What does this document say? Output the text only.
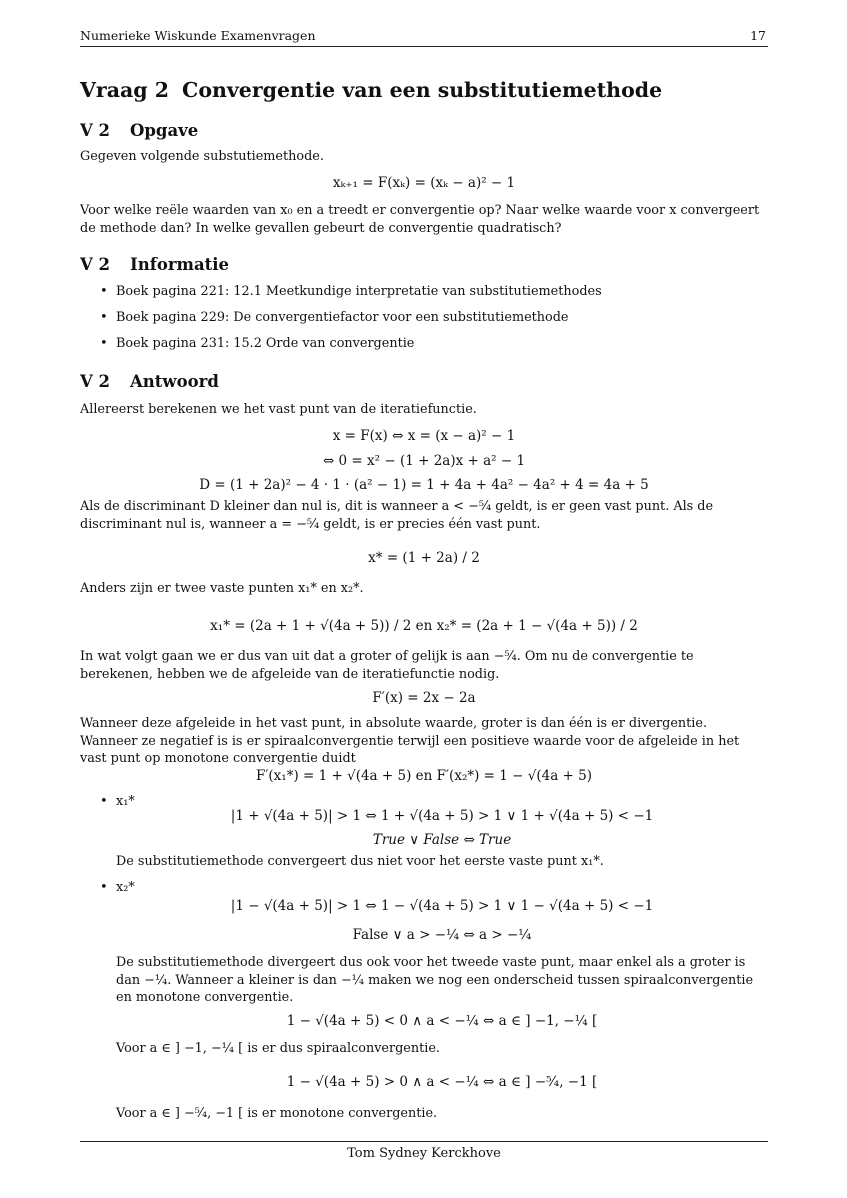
Numerieke Wiskunde Examenvragen	17
Vraag 2 Convergentie van een substitutiemethode
V 2 Opgave
Gegeven volgende substutiemethode.
xₖ₊₁ = F(xₖ) = (xₖ − a)² − 1
Voor welke reële waarden van x₀ en a treedt er convergentie op? Naar welke waarde voor x convergeert de methode dan? In welke gevallen gebeurt de convergentie quadratisch?
V 2 Informatie
• Boek pagina 221: 12.1 Meetkundige interpretatie van substitutiemethodes
• Boek pagina 229: De convergentiefactor voor een substitutiemethode
• Boek pagina 231: 15.2 Orde van convergentie
V 2 Antwoord
Allereerst berekenen we het vast punt van de iteratiefunctie.
x = F(x) ⇔ x = (x − a)² − 1
⇔ 0 = x² − (1 + 2a)x + a² − 1
D = (1 + 2a)² − 4 · 1 · (a² − 1) = 1 + 4a + 4a² − 4a² + 4 = 4a + 5
Als de discriminant D kleiner dan nul is, dit is wanneer a < −⁵⁄₄ geldt, is er geen vast punt. Als de discriminant nul is, wanneer a = −⁵⁄₄ geldt, is er precies één vast punt.
x* = (1 + 2a) / 2
Anders zijn er twee vaste punten x₁* en x₂*.
x₁* = (2a + 1 + √(4a + 5)) / 2 en x₂* = (2a + 1 − √(4a + 5)) / 2
In wat volgt gaan we er dus van uit dat a groter of gelijk is aan −⁵⁄₄. Om nu de convergentie te berekenen, hebben we de afgeleide van de iteratiefunctie nodig.
F′(x) = 2x − 2a
Wanneer deze afgeleide in het vast punt, in absolute waarde, groter is dan één is er divergentie. Wanneer ze negatief is is er spiraalconvergentie terwijl een positieve waarde voor de afgeleide in het vast punt op monotone convergentie duidt
F′(x₁*) = 1 + √(4a + 5) en F′(x₂*) = 1 − √(4a + 5)
• x₁*
|1 + √(4a + 5)| > 1 ⇔ 1 + √(4a + 5) > 1 ∨ 1 + √(4a + 5) < −1
True ∨ False ⇔ True
De substitutiemethode convergeert dus niet voor het eerste vaste punt x₁*.
• x₂*
|1 − √(4a + 5)| > 1 ⇔ 1 − √(4a + 5) > 1 ∨ 1 − √(4a + 5) < −1
False ∨ a > −¼ ⇔ a > −¼
De substitutiemethode divergeert dus ook voor het tweede vaste punt, maar enkel als a groter is dan −¼. Wanneer a kleiner is dan −¼ maken we nog een onderscheid tussen spiraalconvergentie en monotone convergentie.
1 − √(4a + 5) < 0 ∧ a < −¼ ⇔ a ∈ ] −1, −¼ [
Voor a ∈ ] −1, −¼ [ is er dus spiraalconvergentie.
1 − √(4a + 5) > 0 ∧ a < −¼ ⇔ a ∈ ] −⁵⁄₄, −1 [
Voor a ∈ ] −⁵⁄₄, −1 [ is er monotone convergentie.
Tom Sydney Kerckhove
